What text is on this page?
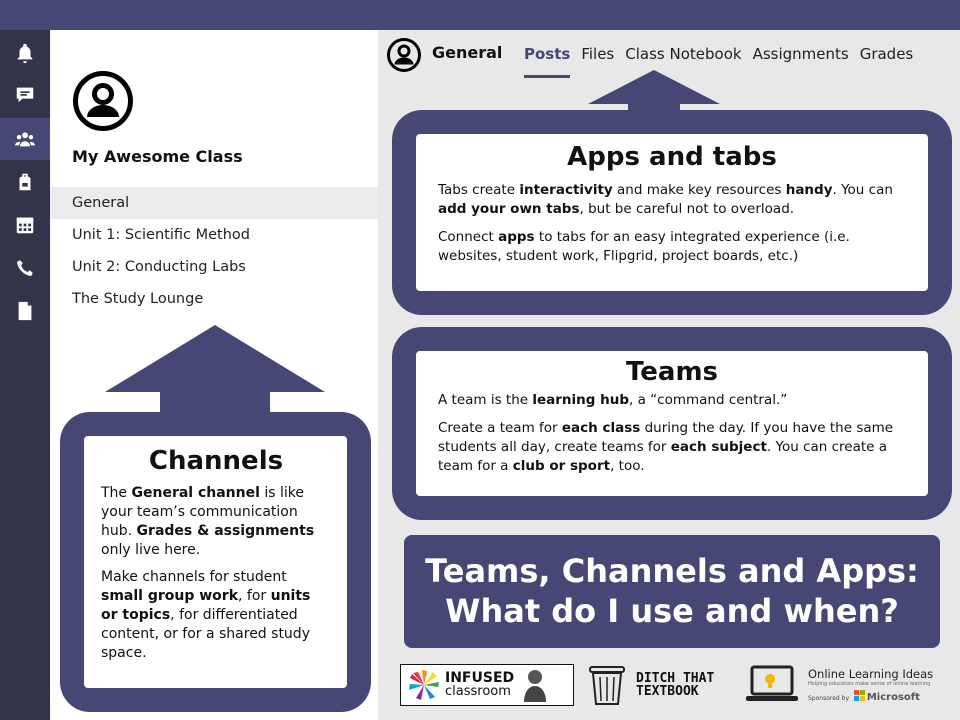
My Awesome Class
General
Unit 1: Scientific Method
Unit 2: Conducting Labs
The Study Lounge
General Posts Files Class Notebook Assignments Grades
Apps and tabs

Tabs create interactivity and make key resources handy. You can add your own tabs, but be careful not to overload.

Connect apps to tabs for an easy integrated experience (i.e. websites, student work, Flipgrid, project boards, etc.)

Teams

A team is the learning hub, a “command central.”

Create a team for each class during the day. If you have the same students all day, create teams for each subject. You can create a team for a club or sport, too.

Channels

The General channel is like your team’s communication hub. Grades & assignments only live here.

Make channels for student small group work, for units or topics, for differentiated content, or for a shared study space.

Teams, Channels and Apps:
What do I use and when?
INFUSED
classroom
DITCH THAT
TEXTBOOK
Online Learning Ideas
Helping educators make sense of online learning
Sponsored by Microsoft
